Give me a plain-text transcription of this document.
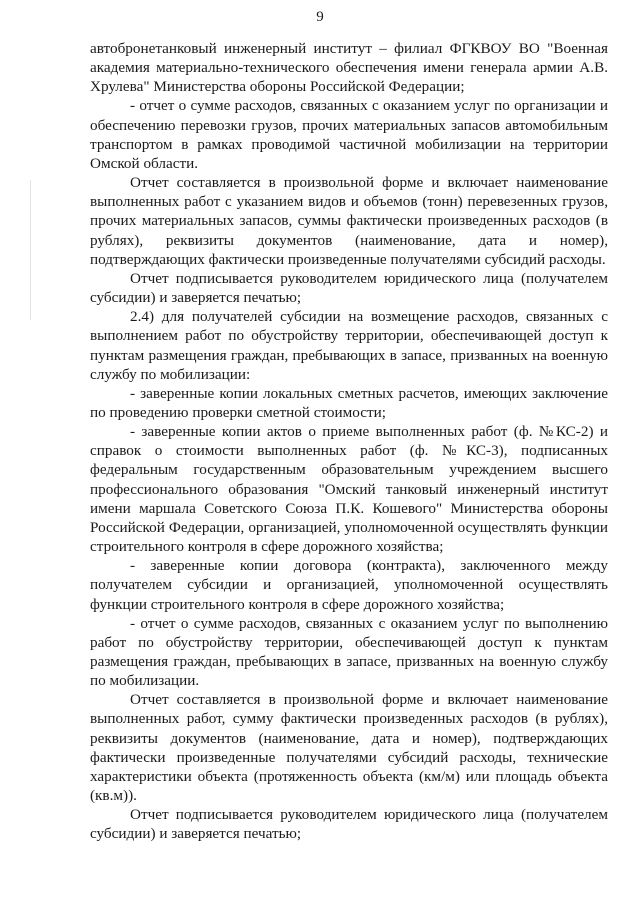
9

автобронетанковый инженерный институт – филиал ФГКВОУ ВО "Военная академия материально-технического обеспечения имени генерала армии А.В. Хрулева" Министерства обороны Российской Федерации;

- отчет о сумме расходов, связанных с оказанием услуг по организации и обеспечению перевозки грузов, прочих материальных запасов автомобильным транспортом в рамках проводимой частичной мобилизации на территории Омской области.

Отчет составляется в произвольной форме и включает наименование выполненных работ с указанием видов и объемов (тонн) перевезенных грузов, прочих материальных запасов, суммы фактически произведенных расходов (в рублях), реквизиты документов (наименование, дата и номер), подтверждающих фактически произведенные получателями субсидий расходы.

Отчет подписывается руководителем юридического лица (получателем субсидии) и заверяется печатью;

2.4) для получателей субсидии на возмещение расходов, связанных с выполнением работ по обустройству территории, обеспечивающей доступ к пунктам размещения граждан, пребывающих в запасе, призванных на военную службу по мобилизации:

- заверенные копии локальных сметных расчетов, имеющих заключение по проведению проверки сметной стоимости;

- заверенные копии актов о приеме выполненных работ (ф. №КС-2) и справок о стоимости выполненных работ (ф. №КС-3), подписанных федеральным государственным образовательным учреждением высшего профессионального образования "Омский танковый инженерный институт имени маршала Советского Союза П.К. Кошевого" Министерства обороны Российской Федерации, организацией, уполномоченной осуществлять функции строительного контроля в сфере дорожного хозяйства;

- заверенные копии договора (контракта), заключенного между получателем субсидии и организацией, уполномоченной осуществлять функции строительного контроля в сфере дорожного хозяйства;

- отчет о сумме расходов, связанных с оказанием услуг по выполнению работ по обустройству территории, обеспечивающей доступ к пунктам размещения граждан, пребывающих в запасе, призванных на военную службу по мобилизации.

Отчет составляется в произвольной форме и включает наименование выполненных работ, сумму фактически произведенных расходов (в рублях), реквизиты документов (наименование, дата и номер), подтверждающих фактически произведенные получателями субсидий расходы, технические характеристики объекта (протяженность объекта (км/м) или площадь объекта (кв.м)).

Отчет подписывается руководителем юридического лица (получателем субсидии) и заверяется печатью;
